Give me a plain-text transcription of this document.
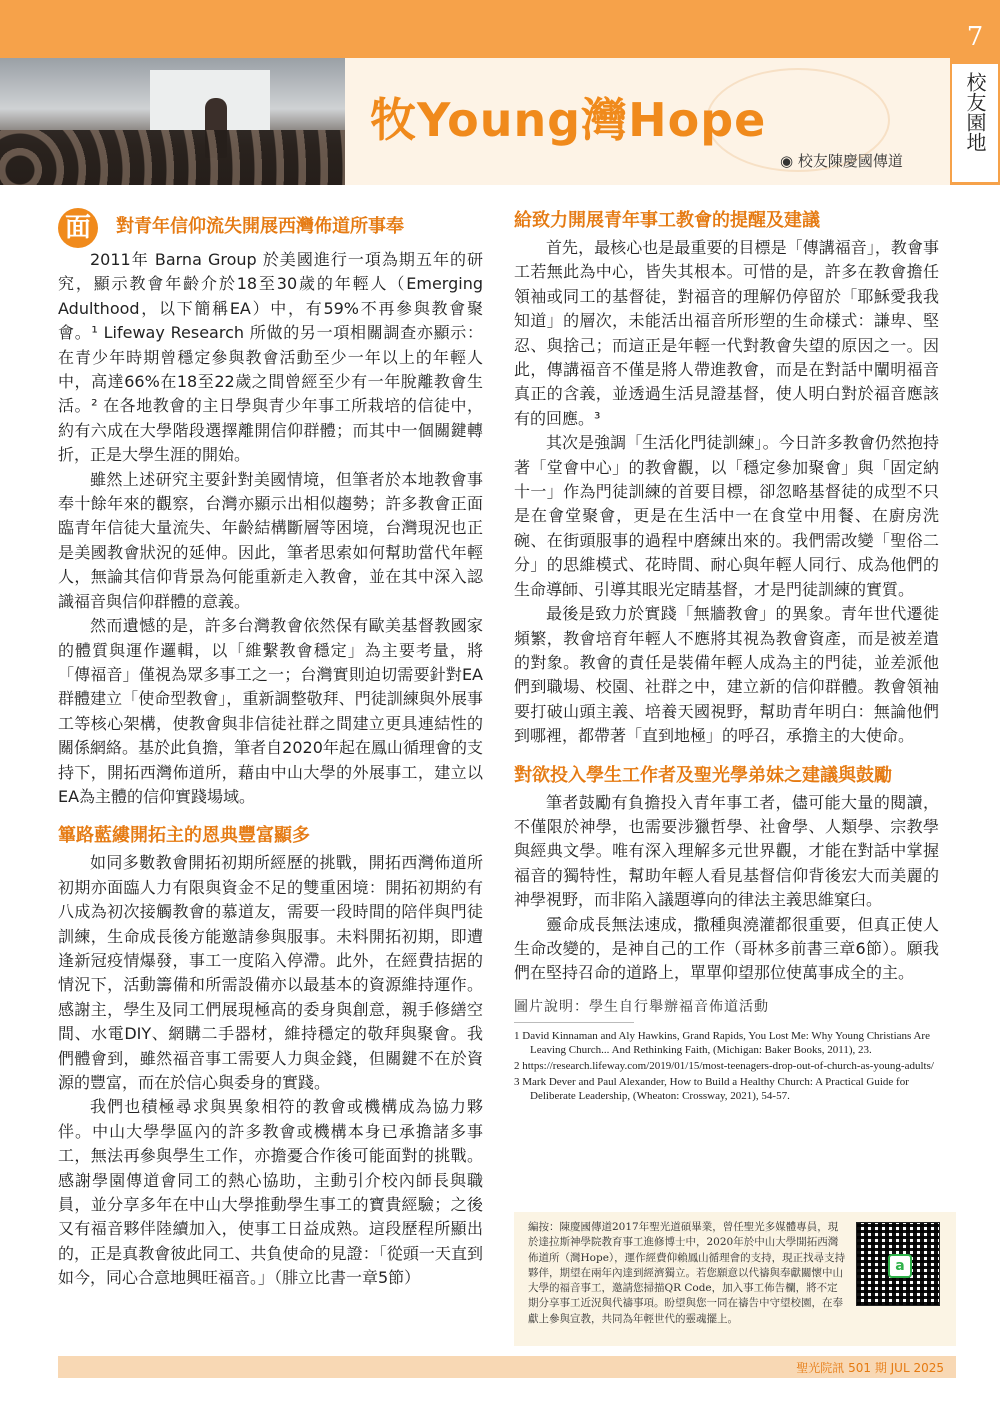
牧Young灣Hope
◉ 校友陳慶國傳道
7
校友園地
面	對青年信仰流失開展西灣佈道所事奉

2011年 Barna Group 於美國進行一項為期五年的研究，顯示教會年齡介於18至30歲的年輕人（Emerging Adulthood，以下簡稱EA）中，有59%不再參與教會聚會。¹ Lifeway Research 所做的另一項相關調查亦顯示：在青少年時期曾穩定參與教會活動至少一年以上的年輕人中，高達66%在18至22歲之間曾經至少有一年脫離教會生活。² 在各地教會的主日學與青少年事工所栽培的信徒中，約有六成在大學階段選擇離開信仰群體；而其中一個關鍵轉折，正是大學生涯的開始。

雖然上述研究主要針對美國情境，但筆者於本地教會事奉十餘年來的觀察，台灣亦顯示出相似趨勢；許多教會正面臨青年信徒大量流失、年齡結構斷層等困境，台灣現況也正是美國教會狀況的延伸。因此，筆者思索如何幫助當代年輕人，無論其信仰背景為何能重新走入教會，並在其中深入認識福音與信仰群體的意義。

然而遺憾的是，許多台灣教會依然保有歐美基督教國家的體質與運作邏輯，以「維繫教會穩定」為主要考量，將「傳福音」僅視為眾多事工之一；台灣實則迫切需要針對EA群體建立「使命型教會」，重新調整敬拜、門徒訓練與外展事工等核心架構，使教會與非信徒社群之間建立更具連結性的關係網絡。基於此負擔，筆者自2020年起在鳳山循理會的支持下，開拓西灣佈道所，藉由中山大學的外展事工，建立以EA為主體的信仰實踐場域。

篳路藍縷開拓主的恩典豐富顯多

如同多數教會開拓初期所經歷的挑戰，開拓西灣佈道所初期亦面臨人力有限與資金不足的雙重困境：開拓初期約有八成為初次接觸教會的慕道友，需要一段時間的陪伴與門徒訓練，生命成長後方能邀請參與服事。未料開拓初期，即遭逢新冠疫情爆發，事工一度陷入停滯。此外，在經費拮据的情況下，活動籌備和所需設備亦以最基本的資源維持運作。感謝主，學生及同工們展現極高的委身與創意，親手修繕空間、水電DIY、網購二手器材，維持穩定的敬拜與聚會。我們體會到，雖然福音事工需要人力與金錢，但關鍵不在於資源的豐富，而在於信心與委身的實踐。

我們也積極尋求與異象相符的教會或機構成為協力夥伴。中山大學學區內的許多教會或機構本身已承擔諸多事工，無法再參與學生工作，亦擔憂合作後可能面對的挑戰。感謝學園傳道會同工的熱心協助，主動引介校內師長與職員，並分享多年在中山大學推動學生事工的寶貴經驗；之後又有福音夥伴陸續加入，使事工日益成熟。這段歷程所顯出的，正是真教會彼此同工、共負使命的見證：「從頭一天直到如今，同心合意地興旺福音。」（腓立比書一章5節）

給致力開展青年事工教會的提醒及建議

首先，最核心也是最重要的目標是「傳講福音」，教會事工若無此為中心，皆失其根本。可惜的是，許多在教會擔任領袖或同工的基督徒，對福音的理解仍停留於「耶穌愛我我知道」的層次，未能活出福音所形塑的生命樣式：謙卑、堅忍、與捨己；而這正是年輕一代對教會失望的原因之一。因此，傳講福音不僅是將人帶進教會，而是在對話中闡明福音真正的含義，並透過生活見證基督，使人明白對於福音應該有的回應。³

其次是強調「生活化門徒訓練」。今日許多教會仍然抱持著「堂會中心」的教會觀，以「穩定參加聚會」與「固定納十一」作為門徒訓練的首要目標，卻忽略基督徒的成型不只是在會堂聚會，更是在生活中一在食堂中用餐、在廚房洗碗、在街頭服事的過程中磨練出來的。我們需改變「聖俗二分」的思維模式、花時間、耐心與年輕人同行、成為他們的生命導師、引導其眼光定睛基督，才是門徒訓練的實質。

最後是致力於實踐「無牆教會」的異象。青年世代遷徙頻繁，教會培育年輕人不應將其視為教會資產，而是被差遣的對象。教會的責任是裝備年輕人成為主的門徒，並差派他們到職場、校園、社群之中，建立新的信仰群體。教會領袖要打破山頭主義、培養天國視野，幫助青年明白：無論他們到哪裡，都帶著「直到地極」的呼召，承擔主的大使命。

對欲投入學生工作者及聖光學弟妹之建議與鼓勵

筆者鼓勵有負擔投入青年事工者，儘可能大量的閱讀，不僅限於神學，也需要涉獵哲學、社會學、人類學、宗教學與經典文學。唯有深入理解多元世界觀，才能在對話中掌握福音的獨特性，幫助年輕人看見基督信仰背後宏大而美麗的神學視野，而非陷入議題導向的律法主義思維窠臼。

靈命成長無法速成，撒種與澆灌都很重要，但真正使人生命改變的，是神自己的工作（哥林多前書三章6節）。願我們在堅持召命的道路上，單單仰望那位使萬事成全的主。

圖片說明：學生自行舉辦福音佈道活動

1 David Kinnaman and Aly Hawkins, Grand Rapids, You Lost Me: Why Young Christians Are Leaving Church... And Rethinking Faith, (Michigan: Baker Books, 2011), 23.

2 https://research.lifeway.com/2019/01/15/most-teenagers-drop-out-of-church-as-young-adults/

3 Mark Dever and Paul Alexander, How to Build a Healthy Church: A Practical Guide for Deliberate Leadership, (Wheaton: Crossway, 2021), 54-57.

編按：陳慶國傳道2017年聖光道碩畢業，曾任聖光多媒體專員，現於達拉斯神學院教育事工進修博士中，2020年於中山大學開拓西灣佈道所（灣Hope），運作經費仰賴鳳山循理會的支持，現正找尋支持夥伴，期望在兩年內達到經濟獨立。若您願意以代禱與奉獻關懷中山大學的福音事工，邀請您掃描QR Code，加入事工佈告欄，將不定期分享事工近況與代禱事項。盼望與您一同在禱告中守望校園，在奉獻上參與宣教，共同為年輕世代的靈魂擺上。
a
聖光院訊 501 期 JUL 2025
